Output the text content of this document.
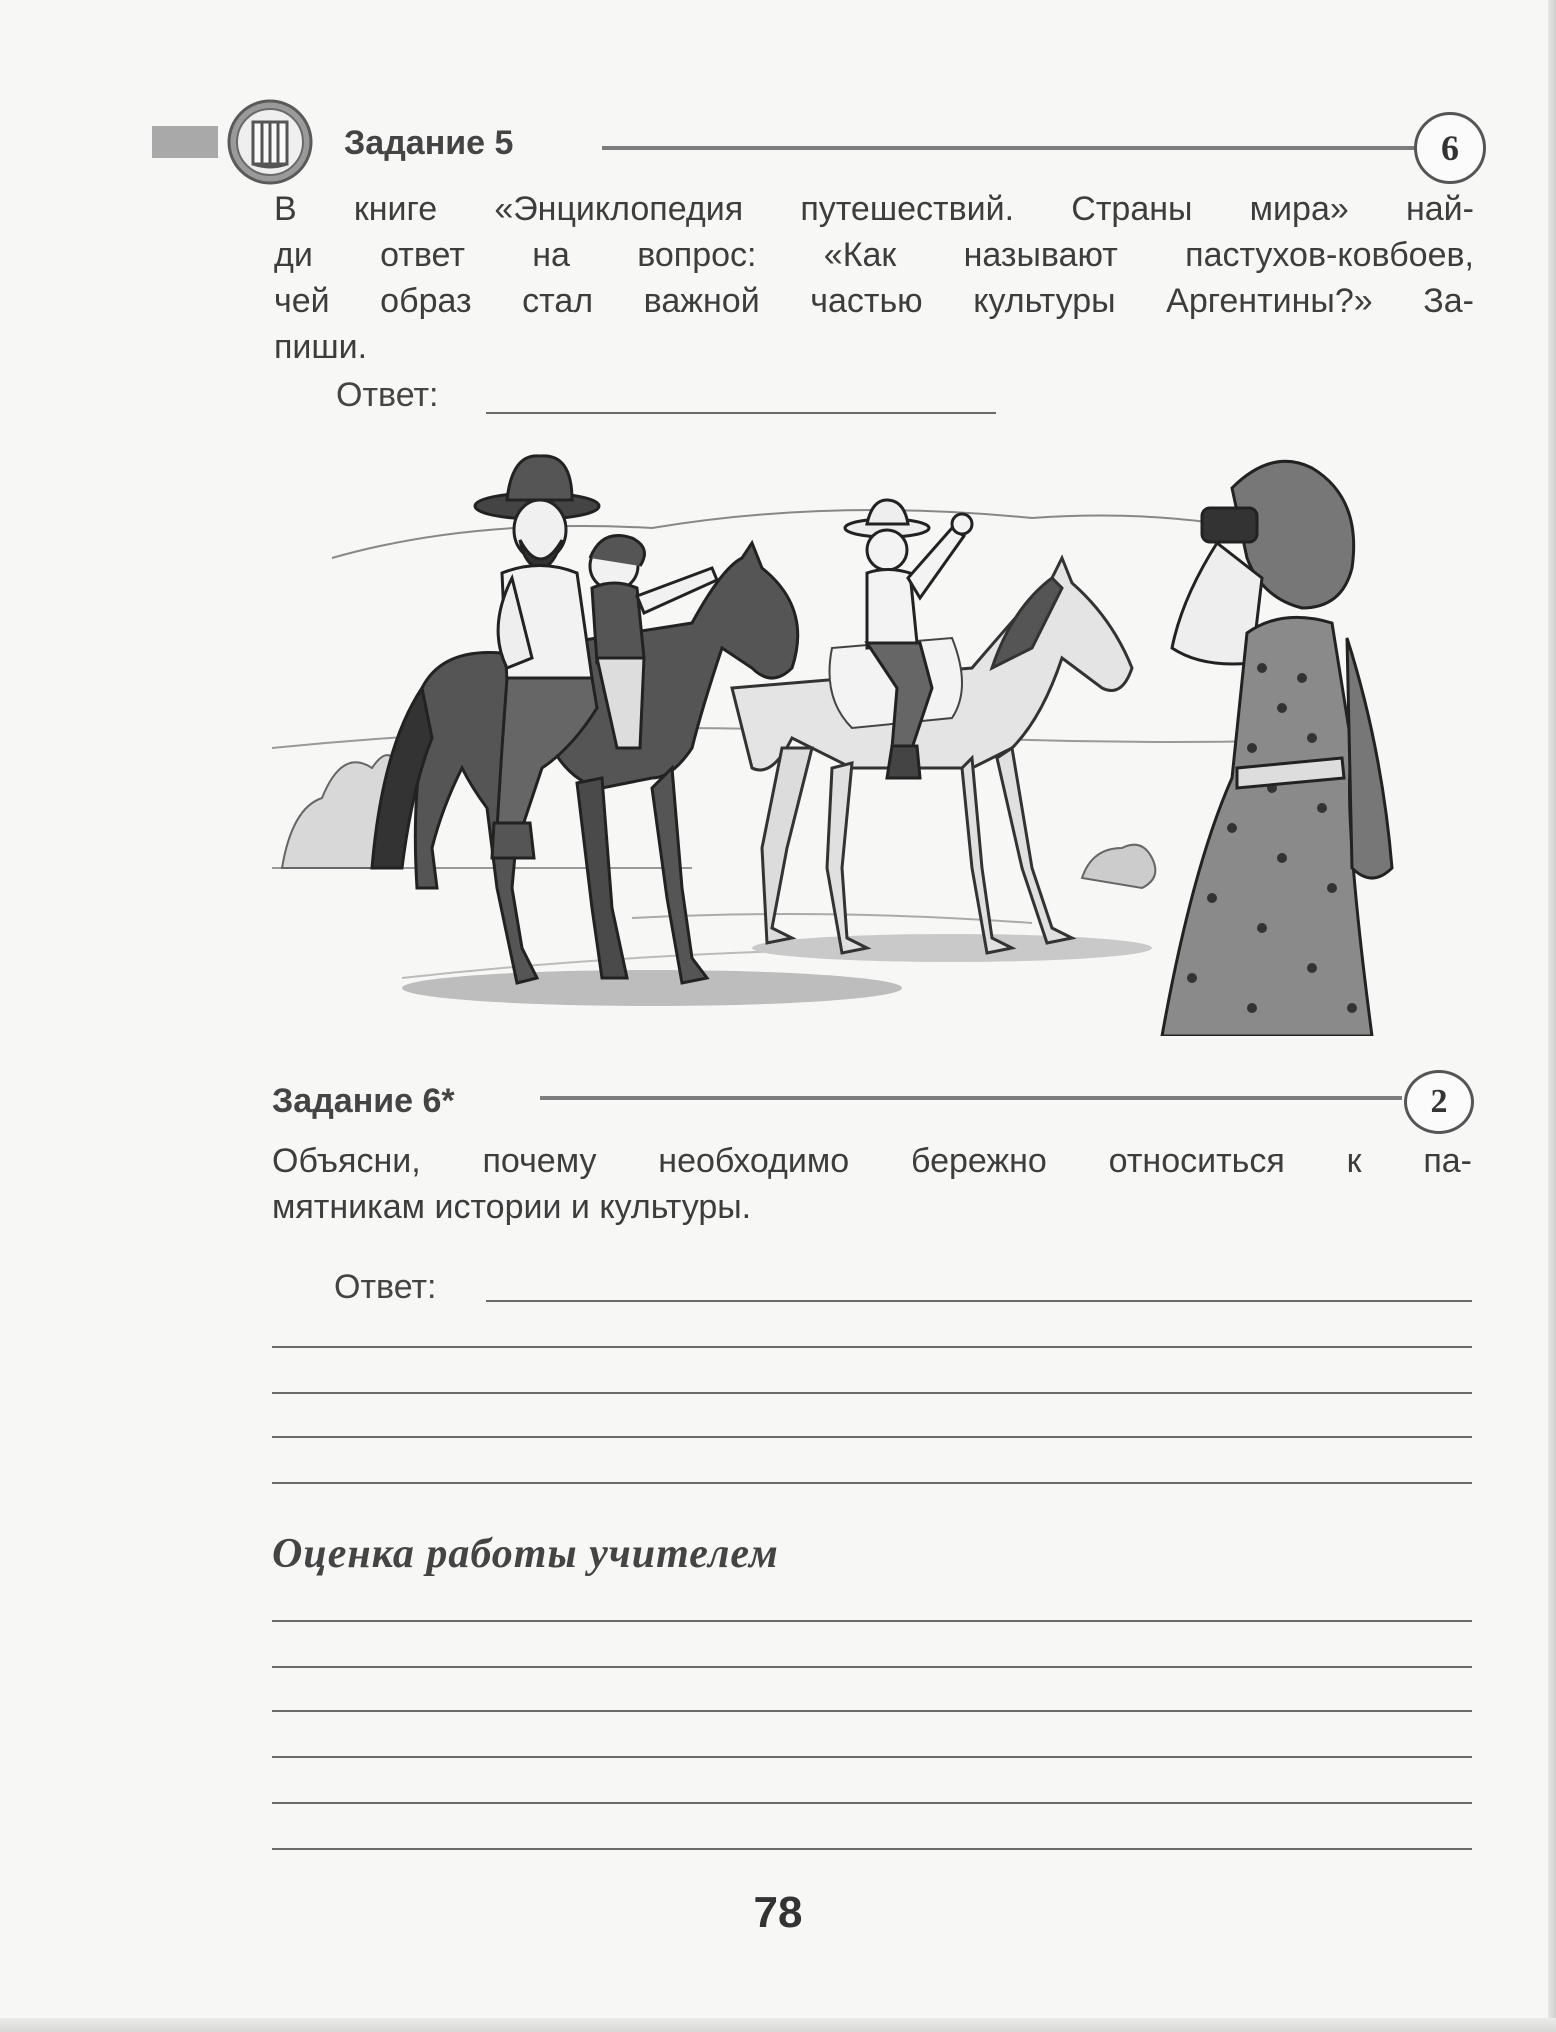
Задание 5	6
В книге «Энциклопедия путешествий. Страны мира» най-
ди ответ на вопрос: «Как называют пастухов-ковбоев,
чей образ стал важной частью культуры Аргентины?» За-
пиши.
Ответ:
Задание 6*	2
Объясни, почему необходимо бережно относиться к па-
мятникам истории и культуры.
Ответ:
Оценка работы учителем
78
